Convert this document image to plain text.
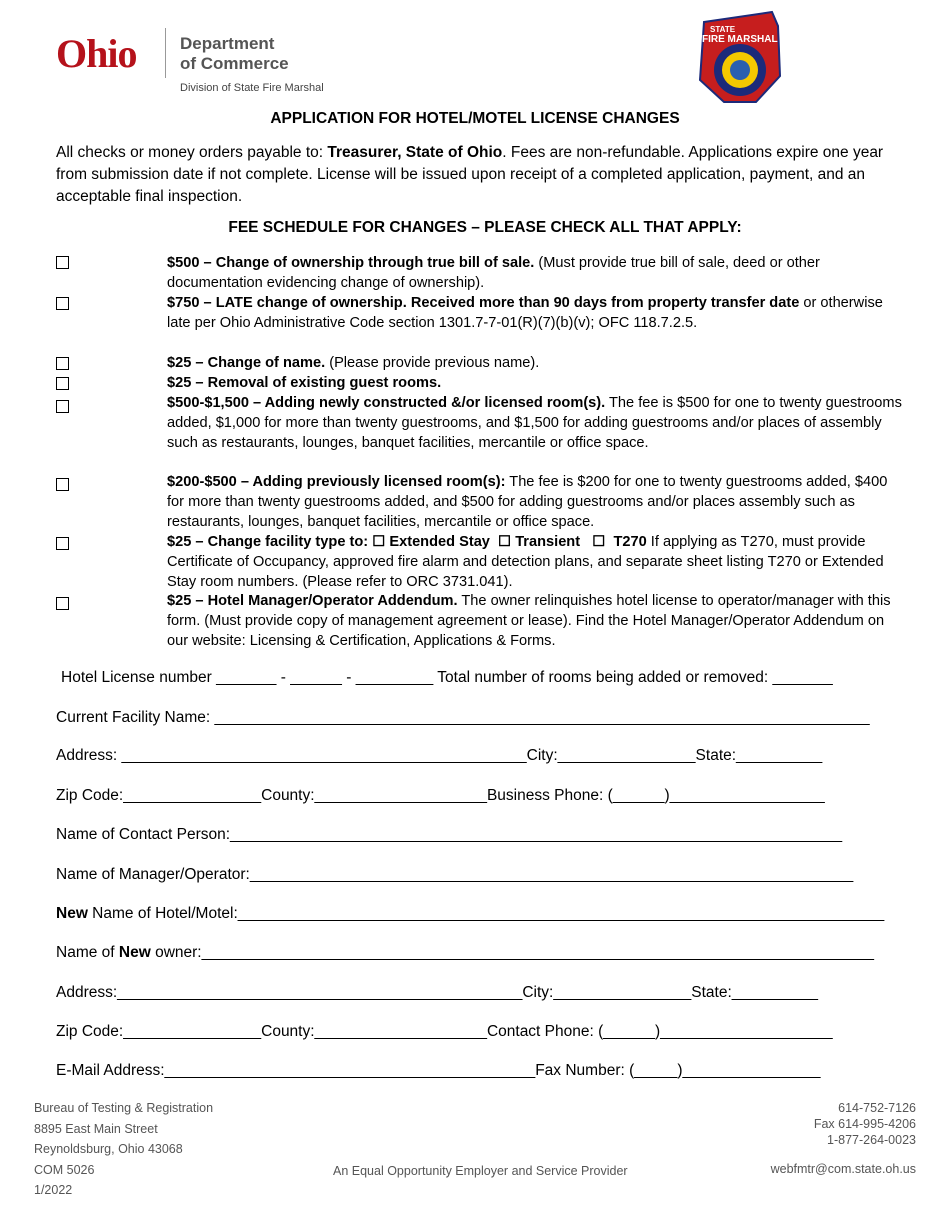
Ohio	Department
of Commerce
Division of State Fire Marshal
STATE
FIRE MARSHAL
APPLICATION FOR HOTEL/MOTEL LICENSE CHANGES
All checks or money orders payable to: Treasurer, State of Ohio. Fees are non-refundable. Applications expire one year from submission date if not complete. License will be issued upon receipt of a completed application, payment, and an acceptable final inspection.
FEE SCHEDULE FOR CHANGES – PLEASE CHECK ALL THAT APPLY:
$500 – Change of ownership through true bill of sale. (Must provide true bill of sale, deed or other documentation evidencing change of ownership).
$750 – LATE change of ownership. Received more than 90 days from property transfer date or otherwise late per Ohio Administrative Code section 1301.7-7-01(R)(7)(b)(v); OFC 118.7.2.5.
$25 – Change of name. (Please provide previous name).
$25 – Removal of existing guest rooms.
$500-$1,500 – Adding newly constructed &/or licensed room(s). The fee is $500 for one to twenty guestrooms added, $1,000 for more than twenty guestrooms, and $1,500 for adding guestrooms and/or places of assembly such as restaurants, lounges, banquet facilities, mercantile or office space.
$200-$500 – Adding previously licensed room(s): The fee is $200 for one to twenty guestrooms added, $400 for more than twenty guestrooms added, and $500 for adding guestrooms and/or places assembly such as restaurants, lounges, banquet facilities, mercantile or office space.
$25 – Change facility type to: ☐ Extended Stay ☐ Transient ☐ T270 If applying as T270, must provide Certificate of Occupancy, approved fire alarm and detection plans, and separate sheet listing T270 or Extended Stay room numbers. (Please refer to ORC 3731.041).
$25 – Hotel Manager/Operator Addendum. The owner relinquishes hotel license to operator/manager with this form. (Must provide copy of management agreement or lease). Find the Hotel Manager/Operator Addendum on our website: Licensing & Certification, Applications & Forms.
Hotel License number _______ - ______ - _________ Total number of rooms being added or removed: _______
Current Facility Name: ____________________________________________________________________________
Address: _______________________________________________City:________________State:__________
Zip Code:________________County:____________________Business Phone: (______)__________________
Name of Contact Person:_______________________________________________________________________
Name of Manager/Operator:______________________________________________________________________
New Name of Hotel/Motel:___________________________________________________________________________
Name of New owner:______________________________________________________________________________
Address:_______________________________________________City:________________State:__________
Zip Code:________________County:____________________Contact Phone: (______)____________________
E-Mail Address:___________________________________________Fax Number: (_____)________________
Bureau of Testing & Registration
8895 East Main Street
Reynoldsburg, Ohio 43068
COM 5026
1/2022
An Equal Opportunity Employer and Service Provider
614-752-7126
Fax 614-995-4206
1-877-264-0023
webfmtr@com.state.oh.us
